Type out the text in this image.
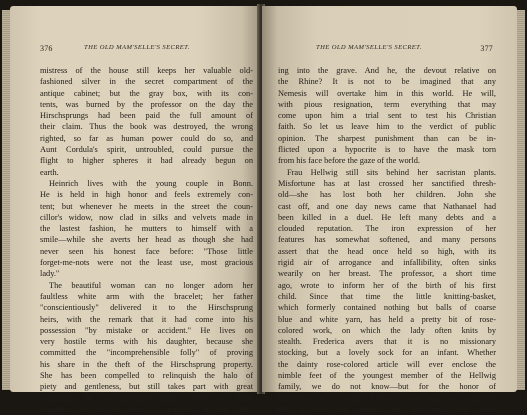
376	THE OLD MAM'SELLE'S SECRET.
mistress of the house still keeps her valuable old-
fashioned silver in the secret compartment of the
antique cabinet; but the gray box, with its con-
tents, was burned by the professor on the day the
Hirschsprungs had been paid the full amount of
their claim. Thus the book was destroyed, the wrong
righted, so far as human power could do so, and
Aunt Cordula's spirit, untroubled, could pursue the
flight to higher spheres it had already begun on
earth.
Heinrich lives with the young couple in Bonn.
He is held in high honor and feels extremely con-
tent; but whenever he meets in the street the coun-
cillor's widow, now clad in silks and velvets made in
the lastest fashion, he mutters to himself with a
smile—while she averts her head as though she had
never seen his honest face before: "Those little
forget-me-nots were not the least use, most gracious
lady."
The beautiful woman can no longer adorn her
faultless white arm with the bracelet; her father
"conscientiously" delivered it to the Hirschsprung
heirs, with the remark that it had come into his
possession "by mistake or accident." He lives on
very hostile terms with his daughter, because she
committed the "incomprehensible folly" of proving
his share in the theft of the Hirschsprung property.
She has been compelled to relinquish the halo of
piety and gentleness, but still takes part with great
ostentation in all charitable plans, while her little
daughter, left to the care of strangers, is fast sink-
THE OLD MAM'SELLE'S SECRET.	377
ing into the grave. And he, the devout relative on
the Rhine? It is not to be imagined that any
Nemesis will overtake him in this world. He will,
with pious resignation, term everything that may
come upon him a trial sent to test his Christian
faith. So let us leave him to the verdict of public
opinion. The sharpest punishment than can be in-
flicted upon a hypocrite is to have the mask torn
from his face before the gaze of the world.
Frau Hellwig still sits behind her sacristan plants.
Misfortune has at last crossed her sanctified thresh-
old—she has lost both her children. John she
cast off, and one day news came that Nathanael had
been killed in a duel. He left many debts and a
clouded reputation. The iron expression of her
features has somewhat softened, and many persons
assert that the head once held so high, with its
rigid air of arrogance and infallibility, often sinks
wearily on her breast. The professor, a short time
ago, wrote to inform her of the birth of his first
child. Since that time the little knitting-basket,
which formerly contained nothing but balls of coarse
blue and white yarn, has held a pretty bit of rose-
colored work, on which the lady often knits by
stealth. Frederica avers that it is no missionary
stocking, but a lovely sock for an infant. Whether
the dainty rose-colored article will ever enclose the
nimble feet of the youngest member of the Hellwig
family, we do not know—but for the honor of
humanity be it said: There is no soul so hardened
that it does not contain one soft spot, one noble
